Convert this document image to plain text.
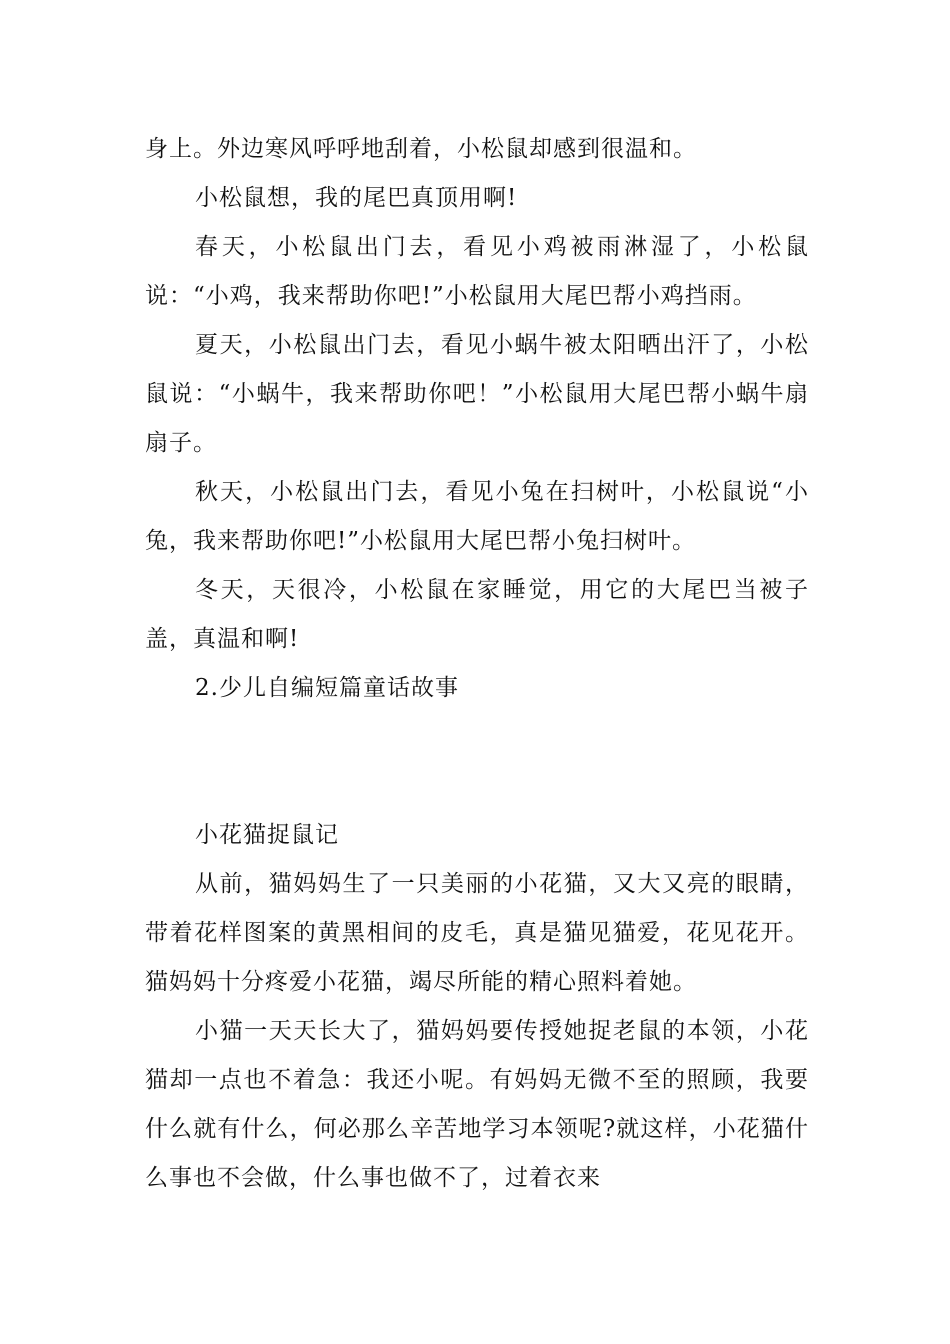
身上。外边寒风呼呼地刮着，小松鼠却感到很温和。

小松鼠想，我的尾巴真顶用啊!

春天，小松鼠出门去，看见小鸡被雨淋湿了，小松鼠说：“小鸡，我来帮助你吧!”小松鼠用大尾巴帮小鸡挡雨。

夏天，小松鼠出门去，看见小蜗牛被太阳晒出汗了，小松鼠说：“小蜗牛，我来帮助你吧！”小松鼠用大尾巴帮小蜗牛扇扇子。

秋天，小松鼠出门去，看见小兔在扫树叶，小松鼠说“小兔，我来帮助你吧!”小松鼠用大尾巴帮小兔扫树叶。

冬天，天很冷，小松鼠在家睡觉，用它的大尾巴当被子盖，真温和啊!

2.少儿自编短篇童话故事

小花猫捉鼠记

从前，猫妈妈生了一只美丽的小花猫，又大又亮的眼睛，带着花样图案的黄黑相间的皮毛，真是猫见猫爱，花见花开。猫妈妈十分疼爱小花猫，竭尽所能的精心照料着她。

小猫一天天长大了，猫妈妈要传授她捉老鼠的本领，小花猫却一点也不着急：我还小呢。有妈妈无微不至的照顾，我要什么就有什么，何必那么辛苦地学习本领呢?就这样，小花猫什么事也不会做，什么事也做不了，过着衣来
